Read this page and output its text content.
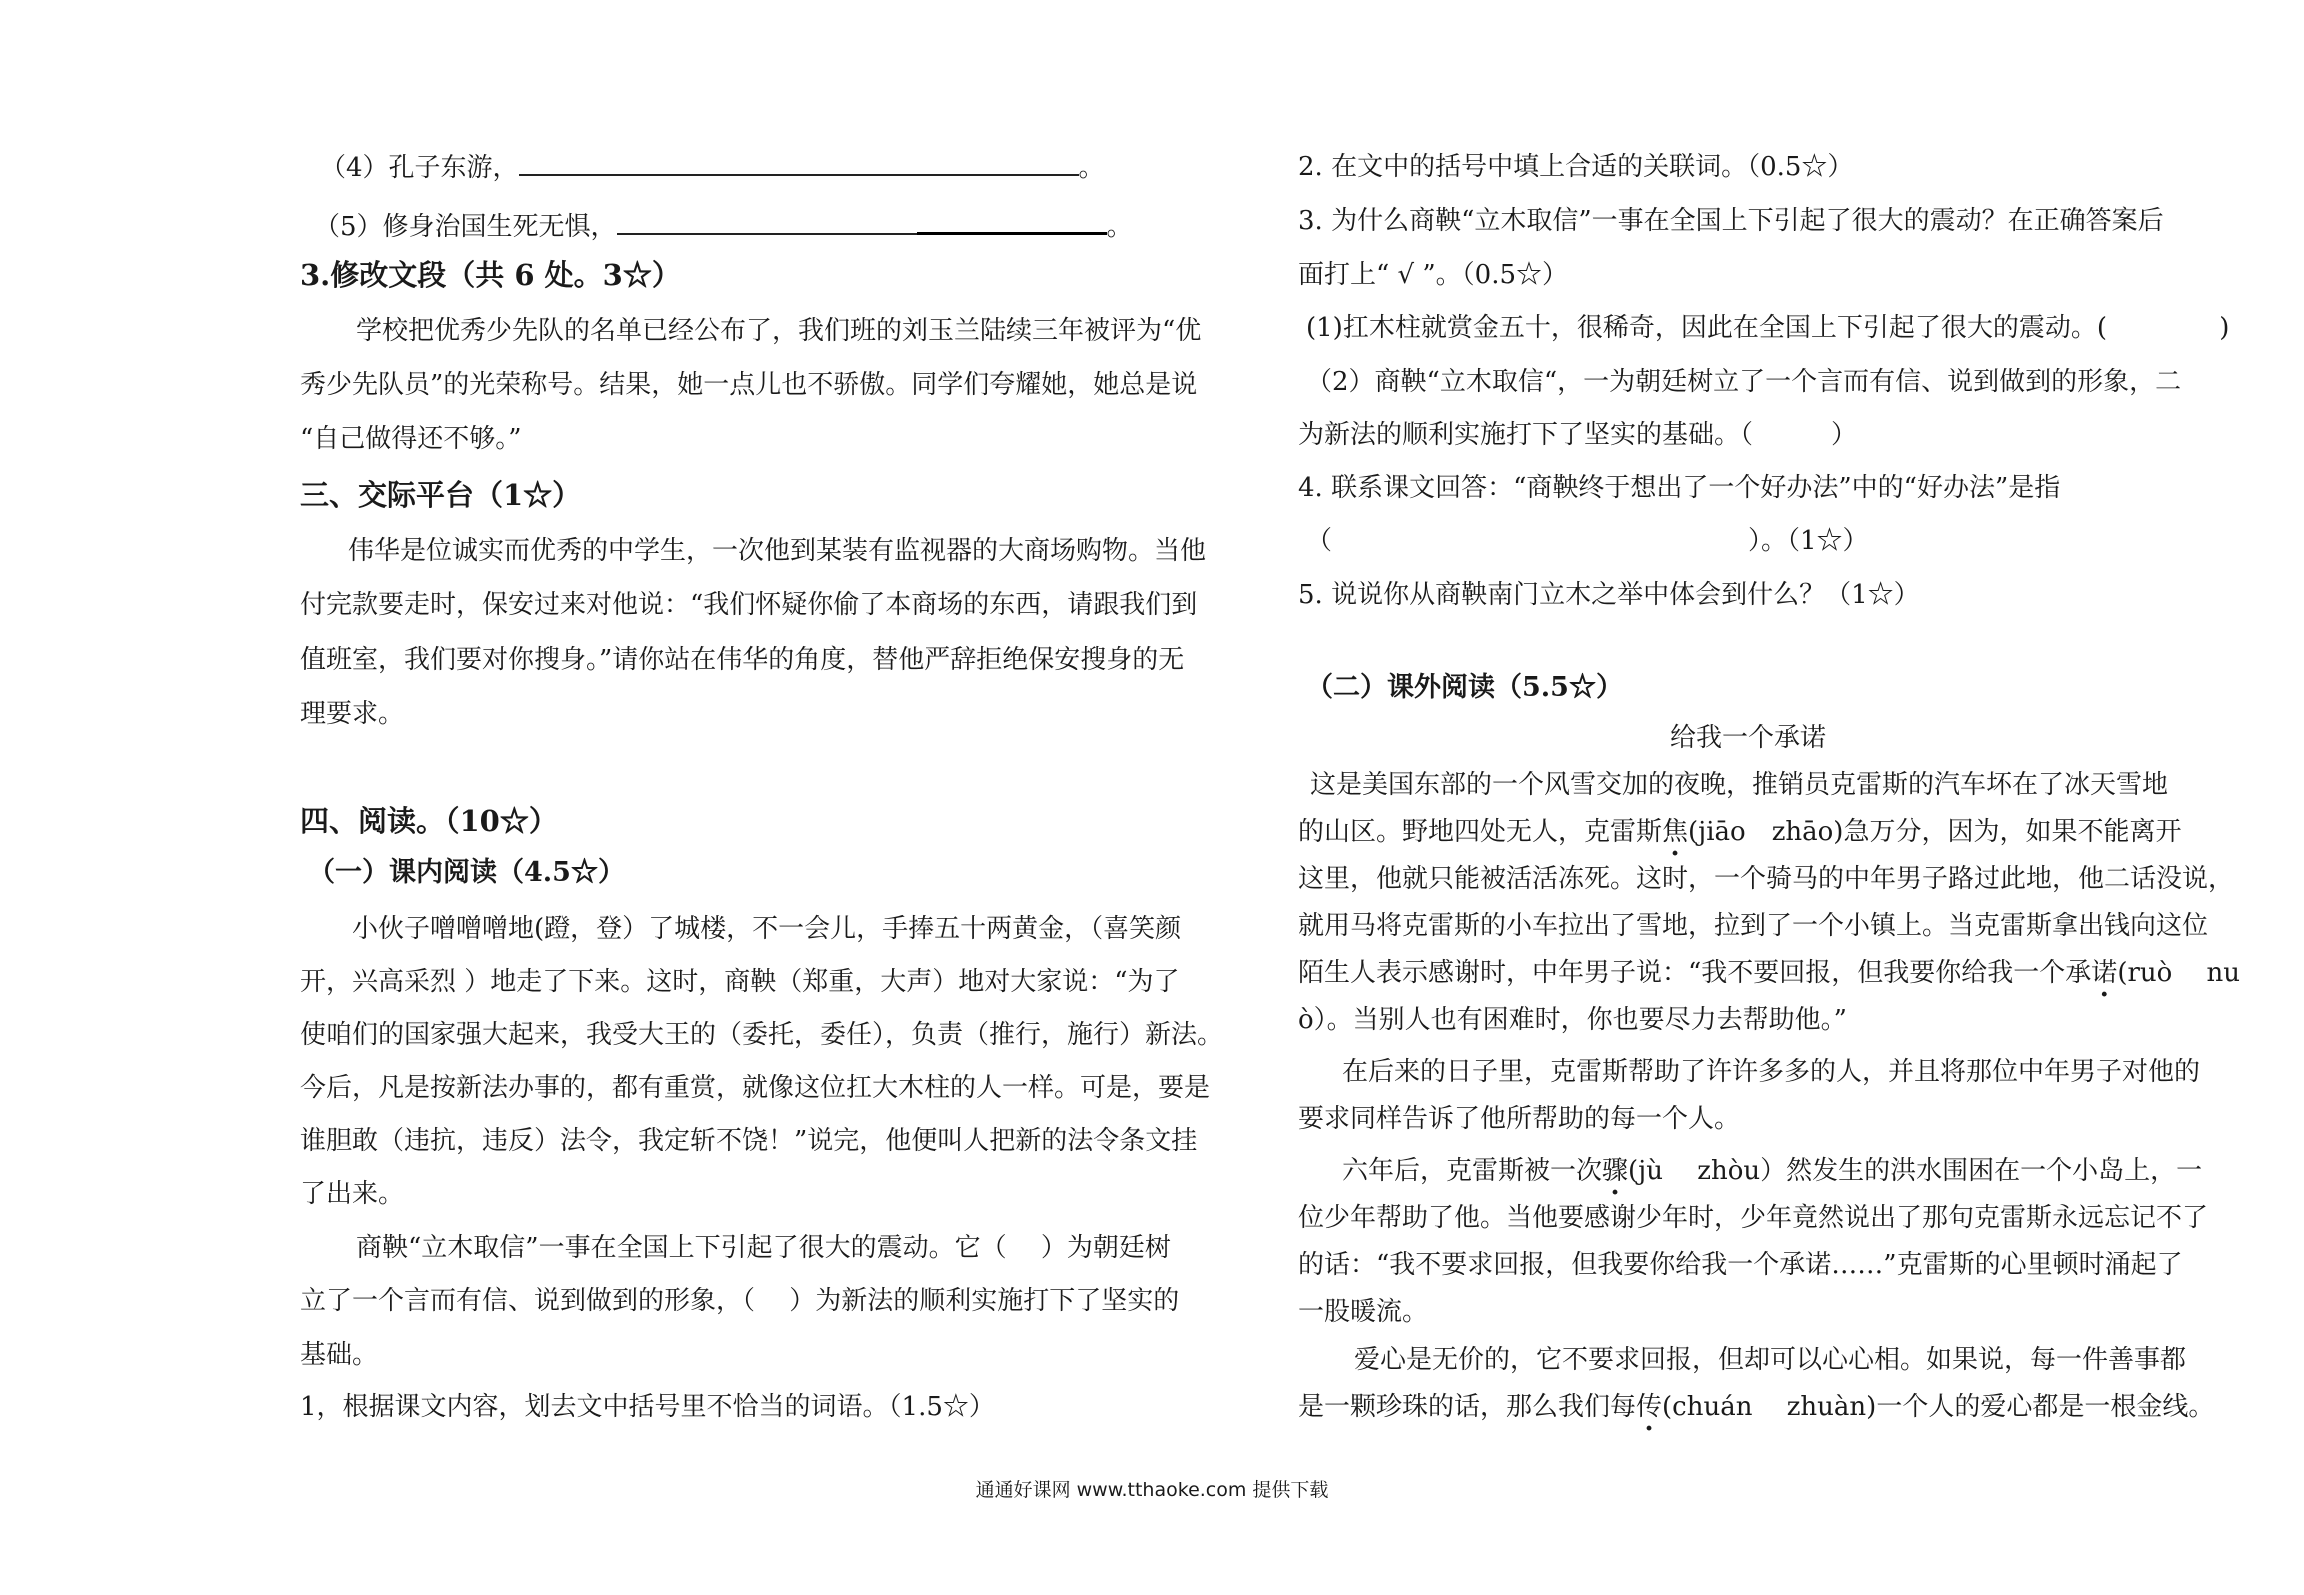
（4）孔子东游，	。
（5）修身治国生死无惧，	。
3.修改文段（共 6 处。3☆）
学校把优秀少先队的名单已经公布了，我们班的刘玉兰陆续三年被评为“优
秀少先队员”的光荣称号。结果，她一点儿也不骄傲。同学们夸耀她，她总是说
“自己做得还不够。”
三、交际平台（1☆）
伟华是位诚实而优秀的中学生，一次他到某装有监视器的大商场购物。当他
付完款要走时，保安过来对他说：“我们怀疑你偷了本商场的东西，请跟我们到
值班室，我们要对你搜身。”请你站在伟华的角度，替他严辞拒绝保安搜身的无
理要求。
四、阅读。（10☆）
（一）课内阅读（4.5☆）
小伙子噌噌噌地(蹬，登）了城楼，不一会儿，手捧五十两黄金，（喜笑颜
开，兴高采烈 ）地走了下来。这时，商鞅（郑重，大声）地对大家说：“为了
使咱们的国家强大起来，我受大王的（委托，委任），负责（推行，施行）新法。
今后，凡是按新法办事的，都有重赏，就像这位扛大木柱的人一样。可是，要是
谁胆敢（违抗，违反）法令，我定斩不饶！”说完，他便叫人把新的法令条文挂
了出来。
商鞅“立木取信”一事在全国上下引起了很大的震动。它（　 ）为朝廷树
立了一个言而有信、说到做到的形象，（　 ）为新法的顺利实施打下了坚实的
基础。
1，根据课文内容，划去文中括号里不恰当的词语。（1.5☆）
2. 在文中的括号中填上合适的关联词。（0.5☆）
3. 为什么商鞅“立木取信”一事在全国上下引起了很大的震动？在正确答案后
面打上“ √ ”。（0.5☆）
(1)扛木柱就赏金五十，很稀奇，因此在全国上下引起了很大的震动。(　　　　 )
（2）商鞅“立木取信“，一为朝廷树立了一个言而有信、说到做到的形象，二
为新法的顺利实施打下了坚实的基础。（　　　）
4. 联系课文回答：“商鞅终于想出了一个好办法”中的“好办法”是指
（　　　　　　　　　　　　　　　　）。（1☆）
5. 说说你从商鞅南门立木之举中体会到什么？（1☆）
（二）课外阅读（5.5☆）
给我一个承诺
这是美国东部的一个风雪交加的夜晚，推销员克雷斯的汽车坏在了冰天雪地
的山区。野地四处无人，克雷斯焦(jiāo　zhāo)急万分，因为，如果不能离开
这里，他就只能被活活冻死。这时，一个骑马的中年男子路过此地，他二话没说，
就用马将克雷斯的小车拉出了雪地，拉到了一个小镇上。当克雷斯拿出钱向这位
陌生人表示感谢时，中年男子说：“我不要回报，但我要你给我一个承诺(ruò　 nu
ò）。当别人也有困难时，你也要尽力去帮助他。”
在后来的日子里，克雷斯帮助了许许多多的人，并且将那位中年男子对他的
要求同样告诉了他所帮助的每一个人。
六年后，克雷斯被一次骤(jù　 zhòu）然发生的洪水围困在一个小岛上，一
位少年帮助了他。当他要感谢少年时，少年竟然说出了那句克雷斯永远忘记不了
的话：“我不要求回报，但我要你给我一个承诺……”克雷斯的心里顿时涌起了
一股暖流。
爱心是无价的，它不要求回报，但却可以心心相。如果说，每一件善事都
是一颗珍珠的话，那么我们每传(chuán　 zhuàn)一个人的爱心都是一根金线。
通通好课网 www.tthaoke.com 提供下载
